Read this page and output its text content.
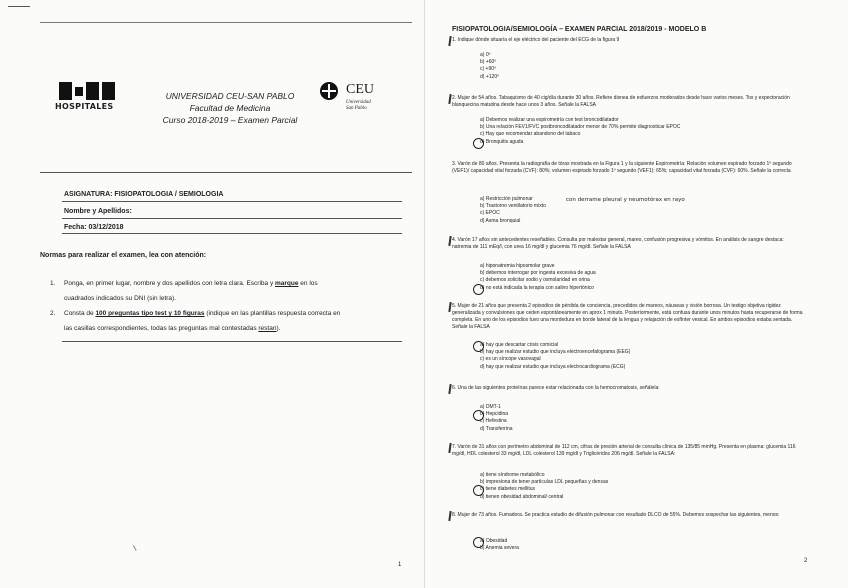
HOSPITALES
UNIVERSIDAD CEU-SAN PABLO
Facultad de Medicina
Curso 2018-2019 – Examen Parcial
CEU
Universidad
San Pablo
ASIGNATURA: FISIOPATOLOGIA / SEMIOLOGIA
Nombre y Apellidos:
Fecha: 03/12/2018
Normas para realizar el examen, lea con atención:
1. Ponga, en primer lugar, nombre y dos apellidos con letra clara. Escriba y marque en los
cuadrados indicados su DNI (sin letra).
2. Consta de 100 preguntas tipo test y 10 figuras (indique en las plantillas respuesta correcta en
las casillas correspondientes, todas las preguntas mal contestadas restan).
1
FISIOPATOLOGIA/SEMIOLOGÍA – EXAMEN PARCIAL 2018/2019 - MODELO B
1. Indique dónde situaría el eje eléctrico del paciente del ECG de la figura 9
a) 0º
b) +60º
c) +90º
d) +120º
2. Mujer de 54 años. Tabaquismo de 40 cig/día durante 30 años. Refiere disnea de esfuerzos moderados desde hace varios meses. Tos y expectoración blanquecina matutina desde hace unos 3 años. Señale la FALSA
a) Debemos realizar una espirometría con test broncodilatador
b) Una relación FEV1/FVC postbroncodilatador menor de 70% permite diagnosticar EPOC
c) Hay que recomendar abandono del tabaco
d) Bronquitis aguda
3. Varón de 80 años. Presenta la radiografía de tórax mostrada en la Figura 1 y la siguiente Espirometría: Relación volumen espirado forzado 1º segundo (VEF1)/ capacidad vital forzada (CVF): 80%; volumen espirado forzado 1º segundo (VEF1): 65%; capacidad vital forzada (CVF): 60%. Señale la correcta
a) Restricción pulmonar
b) Trastorno ventilatorio mixto
c) EPOC
d) Asma bronquial
con derrame pleural y neumotórax en rayo
4. Varón 17 años sin antecedentes reseñables. Consulta por malestar general, mareo, confusión progresiva y vómitos. En análisis de sangre destaca: natremia de 111 mEq/l, con urea 16 mg/dl y glucemia 76 mg/dl. Señale la FALSA
a) hiponatremia hiposmolar grave
b) debemos interrogar por ingesta excesiva de agua
c) debemos solicitar sodio y osmolaridad en orina
d) no está indicada la terapia con salino hipertónico
5. Mujer de 21 años que presenta 2 episodios de pérdida de conciencia, precedidos de mareos, náuseas y visión borrosa. Un testigo objetiva rigidez generalizada y convulsiones que ceden espontáneamente en aprox 1 minuto. Posteriormente, está confusa durante unos minutos hasta recuperarse de forma completa. En uno de los episodios tuvo una mordedura en borde lateral de la lengua y relajación de esfínter vesical. En ambos episodios estaba sentada. Señale la FALSA
a) hay que descartar crisis comicial
b) hay que realizar estudio que incluya electroencefalograma (EEG)
c) es un síncope vasovagal
d) hay que realizar estudio que incluya electrocardiograma (ECG)
6. Una de las siguientes proteínas parece estar relacionada con la hemocromatosis, señálela:
a) DMT-1
b) Hepcidina
c) Hefestina
d) Transferrina
7. Varón de 31 años con perímetro abdominal de 112 cm, cifras de presión arterial de consulta clínica de 135/85 mmHg. Presenta en plasma: glucemia 116 mg/dl, HDL colesterol 33 mg/dl, LDL colesterol 139 mg/dl y Triglicéridos 206 mg/dl. Señale la FALSA:
a) tiene síndrome metabólico
b) impresiona de tener partículas LDL pequeñas y densas
c) tiene diabetes mellitus
d) tienen obesidad abdominal/ central
8. Mujer de 73 años. Fumadora. Se practica estudio de difusión pulmonar con resultado DLCO de 55%. Debemos sospechar las siguientes, menos:
a) Obesidad
b) Anemia severa
2
